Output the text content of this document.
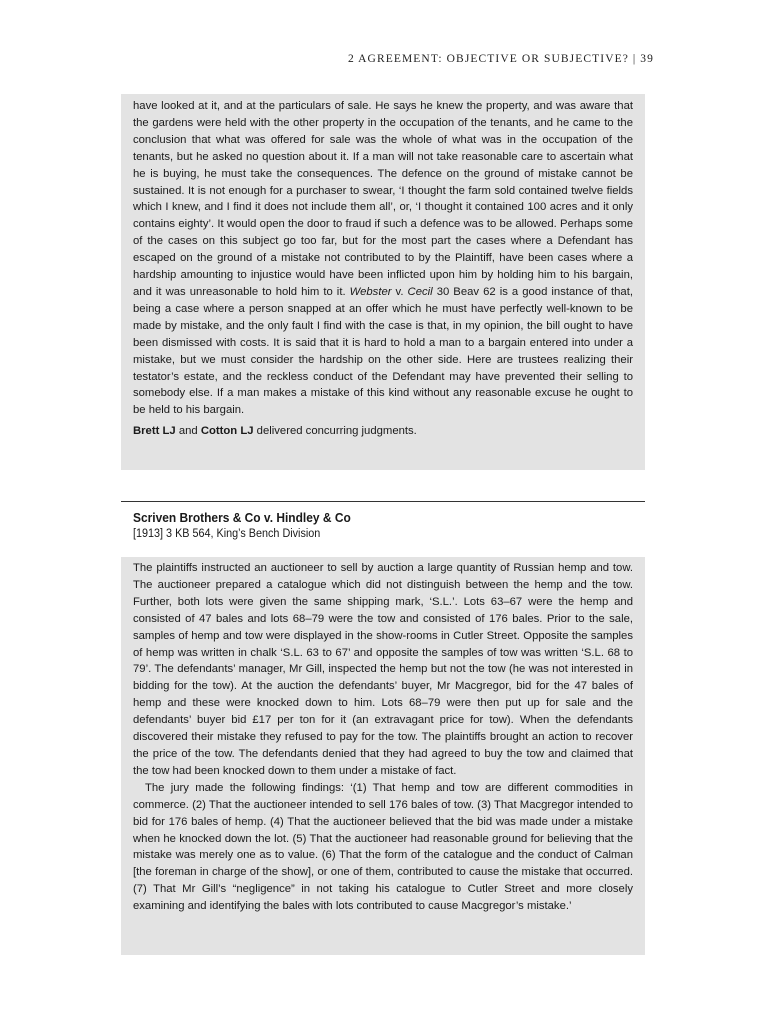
2 AGREEMENT: OBJECTIVE OR SUBJECTIVE? | 39

have looked at it, and at the particulars of sale. He says he knew the property, and was aware that the gardens were held with the other property in the occupation of the tenants, and he came to the conclusion that what was offered for sale was the whole of what was in the occupation of the tenants, but he asked no question about it. If a man will not take reasonable care to ascertain what he is buying, he must take the consequences. The defence on the ground of mistake cannot be sustained. It is not enough for a purchaser to swear, ‘I thought the farm sold contained twelve fields which I knew, and I find it does not include them all’, or, ‘I thought it contained 100 acres and it only contains eighty’. It would open the door to fraud if such a defence was to be allowed. Perhaps some of the cases on this subject go too far, but for the most part the cases where a Defendant has escaped on the ground of a mistake not contributed to by the Plaintiff, have been cases where a hardship amounting to injustice would have been inflicted upon him by holding him to his bargain, and it was unreasonable to hold him to it. Webster v. Cecil 30 Beav 62 is a good instance of that, being a case where a person snapped at an offer which he must have perfectly well-known to be made by mistake, and the only fault I find with the case is that, in my opinion, the bill ought to have been dismissed with costs. It is said that it is hard to hold a man to a bargain entered into under a mistake, but we must consider the hardship on the other side. Here are trustees realizing their testator’s estate, and the reckless conduct of the Defendant may have prevented their selling to somebody else. If a man makes a mistake of this kind without any reasonable excuse he ought to be held to his bargain.

Brett LJ and Cotton LJ delivered concurring judgments.

Scriven Brothers & Co v. Hindley & Co
[1913] 3 KB 564, King’s Bench Division

The plaintiffs instructed an auctioneer to sell by auction a large quantity of Russian hemp and tow. The auctioneer prepared a catalogue which did not distinguish between the hemp and the tow. Further, both lots were given the same shipping mark, ‘S.L.’. Lots 63–67 were the hemp and consisted of 47 bales and lots 68–79 were the tow and consisted of 176 bales. Prior to the sale, samples of hemp and tow were displayed in the show-rooms in Cutler Street. Opposite the samples of hemp was written in chalk ‘S.L. 63 to 67’ and opposite the samples of tow was written ‘S.L. 68 to 79’. The defendants’ manager, Mr Gill, inspected the hemp but not the tow (he was not interested in bidding for the tow). At the auction the defendants’ buyer, Mr Macgregor, bid for the 47 bales of hemp and these were knocked down to him. Lots 68–79 were then put up for sale and the defendants’ buyer bid £17 per ton for it (an extravagant price for tow). When the defendants discovered their mistake they refused to pay for the tow. The plaintiffs brought an action to recover the price of the tow. The defendants denied that they had agreed to buy the tow and claimed that the tow had been knocked down to them under a mistake of fact.

The jury made the following findings: ‘(1) That hemp and tow are different commodities in commerce. (2) That the auctioneer intended to sell 176 bales of tow. (3) That Macgregor intended to bid for 176 bales of hemp. (4) That the auctioneer believed that the bid was made under a mistake when he knocked down the lot. (5) That the auctioneer had reasonable ground for believing that the mistake was merely one as to value. (6) That the form of the catalogue and the conduct of Calman [the foreman in charge of the show], or one of them, contributed to cause the mistake that occurred. (7) That Mr Gill’s “negligence” in not taking his catalogue to Cutler Street and more closely examining and identifying the bales with lots contributed to cause Macgregor’s mistake.’
